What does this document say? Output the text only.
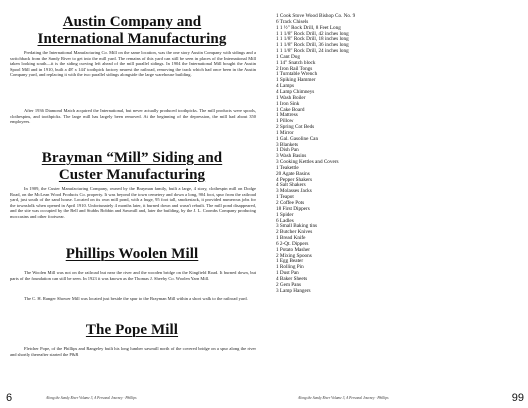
Austin Company and
International Manufacturing
Predating the International Manufacturing Co. Mill on the same location, was the one story Austin Company with sidings and a switchback from the Sandy River to get into the mill yard. The remains of this yard can still be seen in places of the International Mill taken looking south—it is the siding curving left ahead of the mill parallel sidings. In 1904 the International Mill bought the Austin Spool Mill and in 1910, built a 48' x 144' toothpick factory nearest the railroad, removing the track which had once been in the Austin Company yard, and replacing it with the two parallel sidings alongside the large warehouse building.
After 1936 Diamond Match acquired the International, but never actually produced toothpicks. The mill products were spools, clothespins, and toothpicks. The large mill has largely been removed. At the beginning of the depression, the mill had about 350 employees.
Brayman “Mill” Siding and
Custer Manufacturing
In 1909, the Custer Manufacturing Company, owned by the Brayman family, built a large, 4 story, clothespin mill on Dodge Road, on the McLean Wood Products Co. property. It was beyond the town cemetery and down a long, 904 foot, spur from the railroad yard, just south of the sand house. Located on its own mill pond, with a huge, 95 foot tall, smokestack, it provided numerous jobs for the townsfolk when opened in April 1910. Unfortunately 4 months later, it burned down and wasn't rebuilt. The mill pond disappeared, and the site was occupied by the Bell and Stubbs Bobbin and Sawmill and, later the building, by the J. L. Coombs Company producing moccasins and other footwear.
Phillips Woolen Mill
The Woolen Mill was not on the railroad but near the river and the wooden bridge on the Kingfield Road. It burned down, but parts of the foundation can still be seen. In 1923 it was known as the Thomas J. Sheehy Co. Woolen Yarn Mill.
The C. H. Ranger Shower Mill was located just beside the spur to the Brayman Mill within a short walk to the railroad yard.
The Pope Mill
Fletcher Pope, of the Phillips and Rangeley built his long lumber sawmill north of the covered bridge on a spur along the river and shortly thereafter started the P&R
6	Along the Sandy River Volume 3, A Personal Journey · Phillips
1 Cook Stove Wood Bishop Co. No. 9
6 Track Chisels
1 1 ½" Rock Drill, 8 Feet Long
1 1 1/8" Rock Drill, 42 inches long
1 1 1/8" Rock Drill, 18 inches long
1 1 1/8" Rock Drill, 36 inches long
1 1 1/8" Rock Drill, 24 inches long
1 Cant Dog
1 14" Snatch block
2 Iron Rail Tongs
1 Turntable Wrench
1 Spiking Hammer
4 Lamps
4 Lamp Chimneys
1 Wash Boiler
1 Iron Sink
1 Cake Board
1 Mattress
1 Pillow
2 Spring Cot Beds
1 Mirror
1 Gal. Gasoline Can
3 Blankets
1 Dish Pan
3 Wash Basins
3 Cooking Kettles and Covers
1 Teakettle
20 Agate Basins
4 Pepper Shakers
4 Salt Shakers
3 Molasses Jacks
1 Teapot
2 Coffee Pots
18 First Dippers
1 Spider
6 Ladles
3 Small Baking tins
2 Butcher Knives
1 Bread Knife
6 2-Qt. Dippers
1 Potato Masher
2 Mixing Spoons
1 Egg Beater
1 Rolling Pin
1 Dust Pan
4 Baker Sheets
2 Gem Pans
3 Lamp Hangers
Along the Sandy River Volume 3, A Personal Journey · Phillips	99
